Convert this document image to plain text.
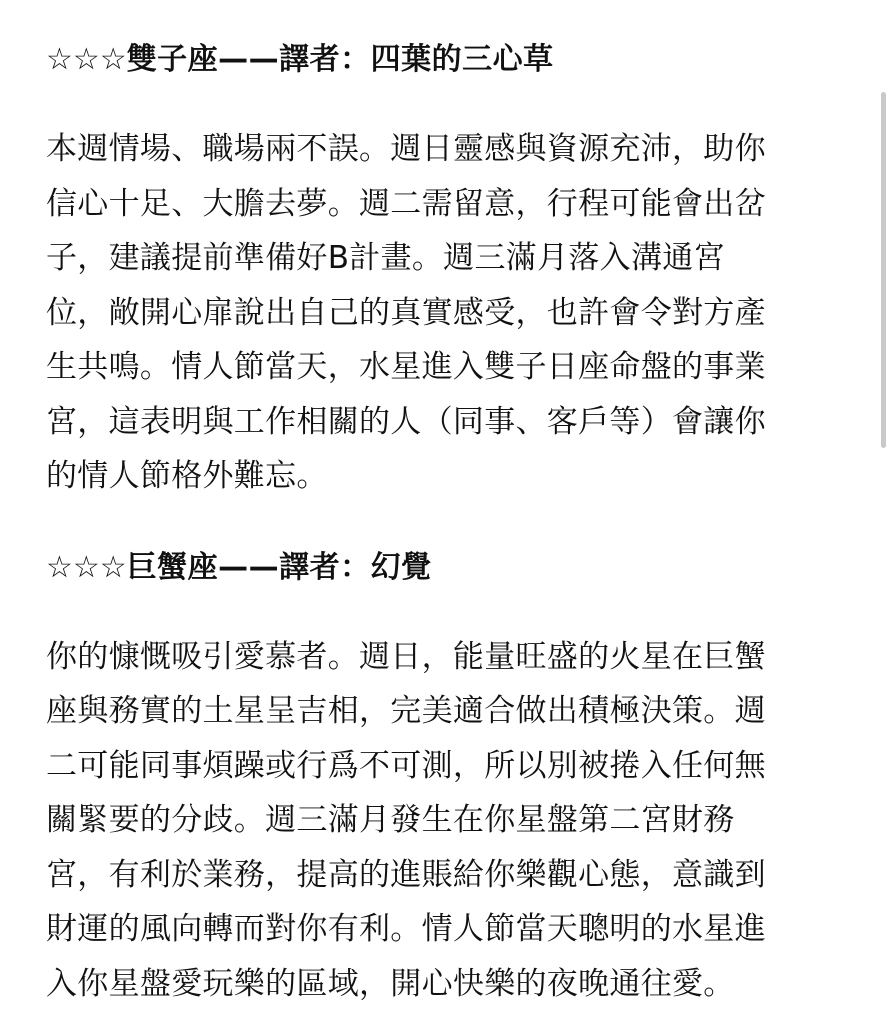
☆☆☆雙子座——譯者：四葉的三心草

本週情場、職場兩不誤。週日靈感與資源充沛，助你
信心十足、大膽去夢。週二需留意，行程可能會出岔
子，建議提前準備好B計畫。週三滿月落入溝通宮
位，敞開心扉說出自己的真實感受，也許會令對方產
生共鳴。情人節當天，水星進入雙子日座命盤的事業
宮，這表明與工作相關的人（同事、客戶等）會讓你
的情人節格外難忘。

☆☆☆巨蟹座——譯者：幻覺

你的慷慨吸引愛慕者。週日，能量旺盛的火星在巨蟹
座與務實的土星呈吉相，完美適合做出積極決策。週
二可能同事煩躁或行爲不可測，所以別被捲入任何無
關緊要的分歧。週三滿月發生在你星盤第二宮財務
宮，有利於業務，提高的進賬給你樂觀心態，意識到
財運的風向轉而對你有利。情人節當天聰明的水星進
入你星盤愛玩樂的區域，開心快樂的夜晚通往愛。
